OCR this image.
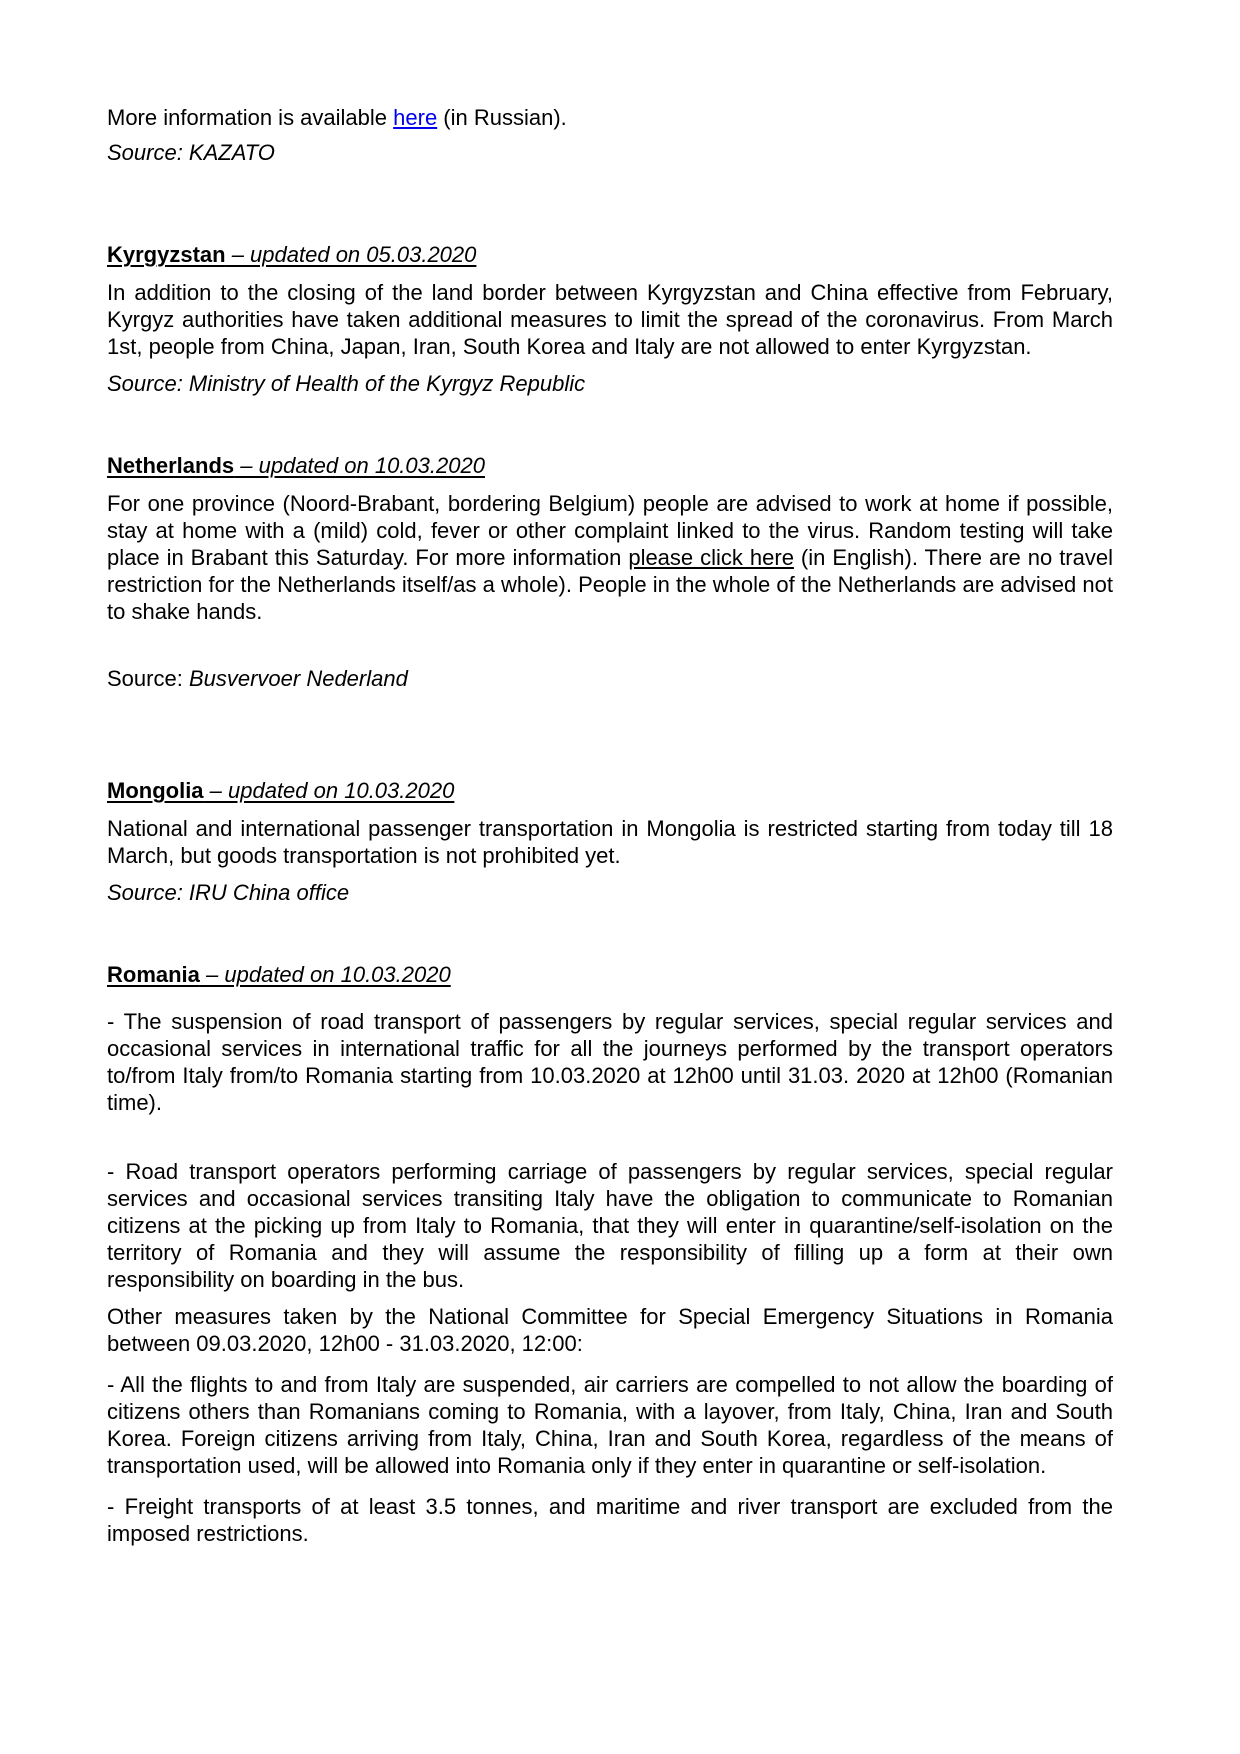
More information is available here (in Russian).

Source: KAZATO

Kyrgyzstan – updated on 05.03.2020

In addition to the closing of the land border between Kyrgyzstan and China effective from February, Kyrgyz authorities have taken additional measures to limit the spread of the coronavirus. From March 1st, people from China, Japan, Iran, South Korea and Italy are not allowed to enter Kyrgyzstan.

Source: Ministry of Health of the Kyrgyz Republic

Netherlands – updated on 10.03.2020

For one province (Noord-Brabant, bordering Belgium) people are advised to work at home if possible, stay at home with a (mild) cold, fever or other complaint linked to the virus. Random testing will take place in Brabant this Saturday. For more information please click here (in English). There are no travel restriction for the Netherlands itself/as a whole). People in the whole of the Netherlands are advised not to shake hands.

Source: Busvervoer Nederland

Mongolia – updated on 10.03.2020

National and international passenger transportation in Mongolia is restricted starting from today till 18 March, but goods transportation is not prohibited yet.

Source: IRU China office

Romania – updated on 10.03.2020

- The suspension of road transport of passengers by regular services, special regular services and occasional services in international traffic for all the journeys performed by the transport operators to/from Italy from/to Romania starting from 10.03.2020 at 12h00 until 31.03. 2020 at 12h00 (Romanian time).

- Road transport operators performing carriage of passengers by regular services, special regular services and occasional services transiting Italy have the obligation to communicate to Romanian citizens at the picking up from Italy to Romania, that they will enter in quarantine/self-isolation on the territory of Romania and they will assume the responsibility of filling up a form at their own responsibility on boarding in the bus.

Other measures taken by the National Committee for Special Emergency Situations in Romania between 09.03.2020, 12h00 - 31.03.2020, 12:00:

- All the flights to and from Italy are suspended, air carriers are compelled to not allow the boarding of citizens others than Romanians coming to Romania, with a layover, from Italy, China, Iran and South Korea. Foreign citizens arriving from Italy, China, Iran and South Korea, regardless of the means of transportation used, will be allowed into Romania only if they enter in quarantine or self-isolation.

- Freight transports of at least 3.5 tonnes, and maritime and river transport are excluded from the imposed restrictions.
